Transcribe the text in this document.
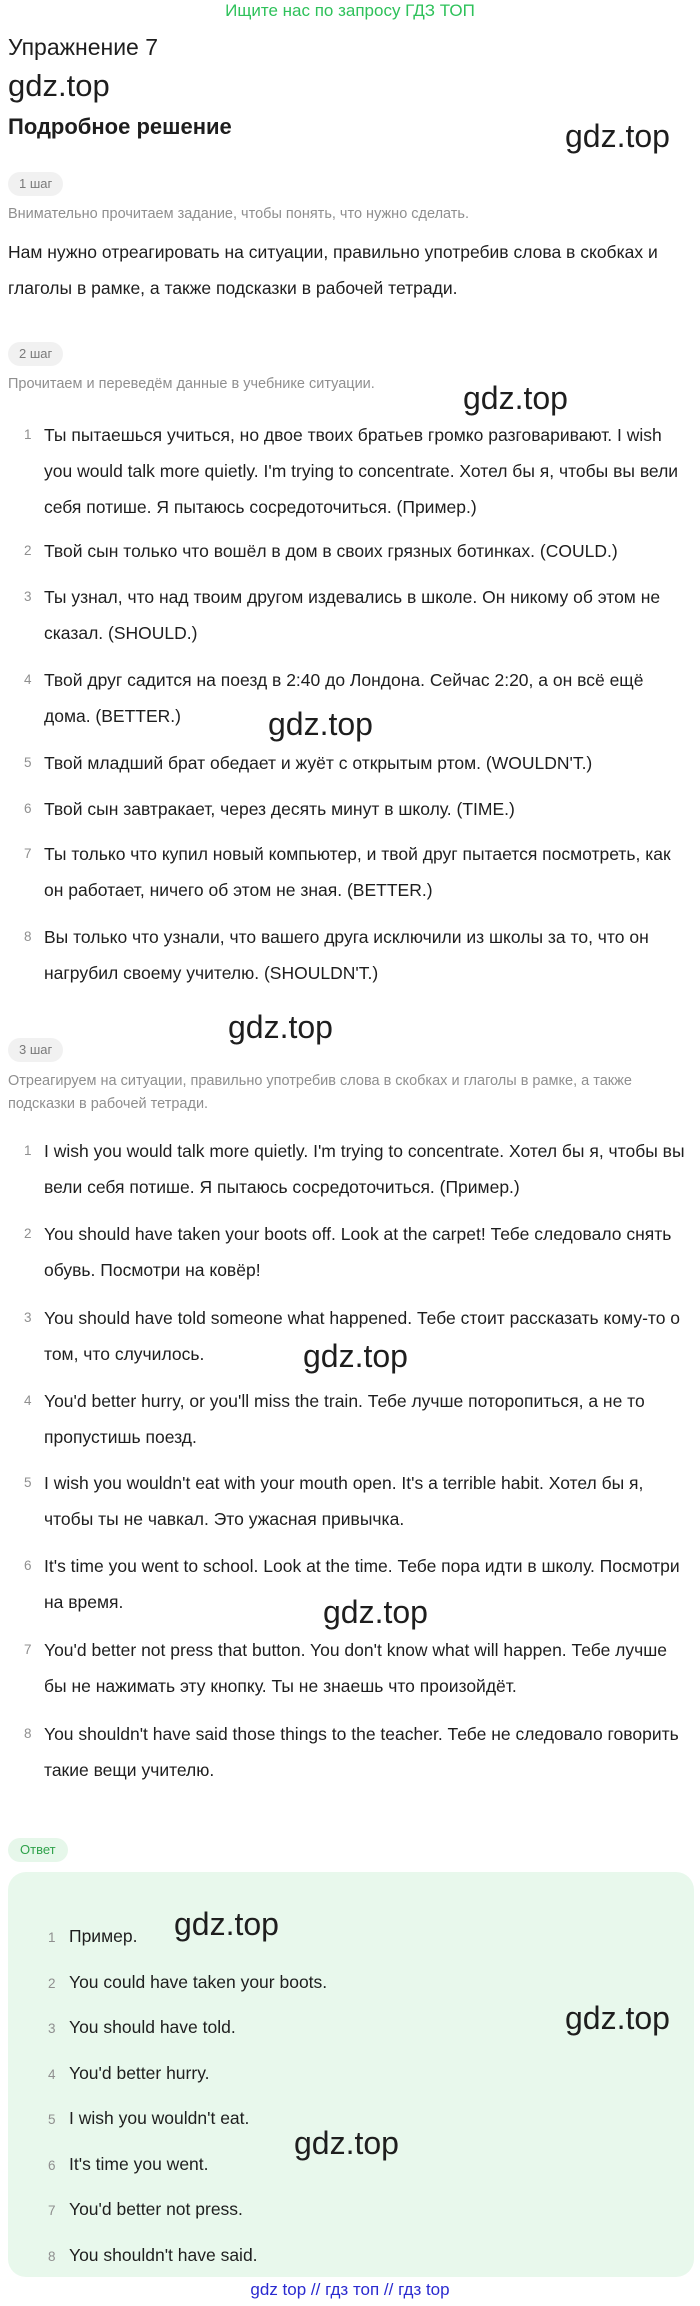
Ищите нас по запросу ГДЗ ТОП
Упражнение 7
gdz.top
Подробное решение	gdz.top
1 шаг
Внимательно прочитаем задание, чтобы понять, что нужно сделать.
Нам нужно отреагировать на ситуации, правильно употребив слова в скобках и глаголы в рамке, а также подсказки в рабочей тетради.
2 шаг
Прочитаем и переведём данные в учебнике ситуации.	gdz.top
1 Ты пытаешься учиться, но двое твоих братьев громко разговаривают. I wish you would talk more quietly. I'm trying to concentrate. Хотел бы я, чтобы вы вели себя потише. Я пытаюсь сосредоточиться. (Пример.)
2 Твой сын только что вошёл в дом в своих грязных ботинках. (COULD.)
3 Ты узнал, что над твоим другом издевались в школе. Он никому об этом не сказал. (SHOULD.)
4 Твой друг садится на поезд в 2:40 до Лондона. Сейчас 2:20, а он всё ещё дома. (BETTER.)	gdz.top
5 Твой младший брат обедает и жуёт с открытым ртом. (WOULDN'T.)
6 Твой сын завтракает, через десять минут в школу. (TIME.)
7 Ты только что купил новый компьютер, и твой друг пытается посмотреть, как он работает, ничего об этом не зная. (BETTER.)
8 Вы только что узнали, что вашего друга исключили из школы за то, что он нагрубил своему учителю. (SHOULDN'T.)
gdz.top
3 шаг
Отреагируем на ситуации, правильно употребив слова в скобках и глаголы в рамке, а также подсказки в рабочей тетради.
1 I wish you would talk more quietly. I'm trying to concentrate. Хотел бы я, чтобы вы вели себя потише. Я пытаюсь сосредоточиться. (Пример.)
2 You should have taken your boots off. Look at the carpet! Тебе следовало снять обувь. Посмотри на ковёр!
3 You should have told someone what happened. Тебе стоит рассказать кому-то о том, что случилось.	gdz.top
4 You'd better hurry, or you'll miss the train. Тебе лучше поторопиться, а не то пропустишь поезд.
5 I wish you wouldn't eat with your mouth open. It's a terrible habit. Хотел бы я, чтобы ты не чавкал. Это ужасная привычка.
6 It's time you went to school. Look at the time. Тебе пора идти в школу. Посмотри на время.	gdz.top
7 You'd better not press that button. You don't know what will happen. Тебе лучше бы не нажимать эту кнопку. Ты не знаешь что произойдёт.
8 You shouldn't have said those things to the teacher. Тебе не следовало говорить такие вещи учителю.
Ответ
1 Пример. gdz.top
2 You could have taken your boots.
3 You should have told.	gdz.top
4 You'd better hurry.
5 I wish you wouldn't eat.
gdz.top
6 It's time you went.
7 You'd better not press.
8 You shouldn't have said.
gdz top // гдз топ // гдз top
